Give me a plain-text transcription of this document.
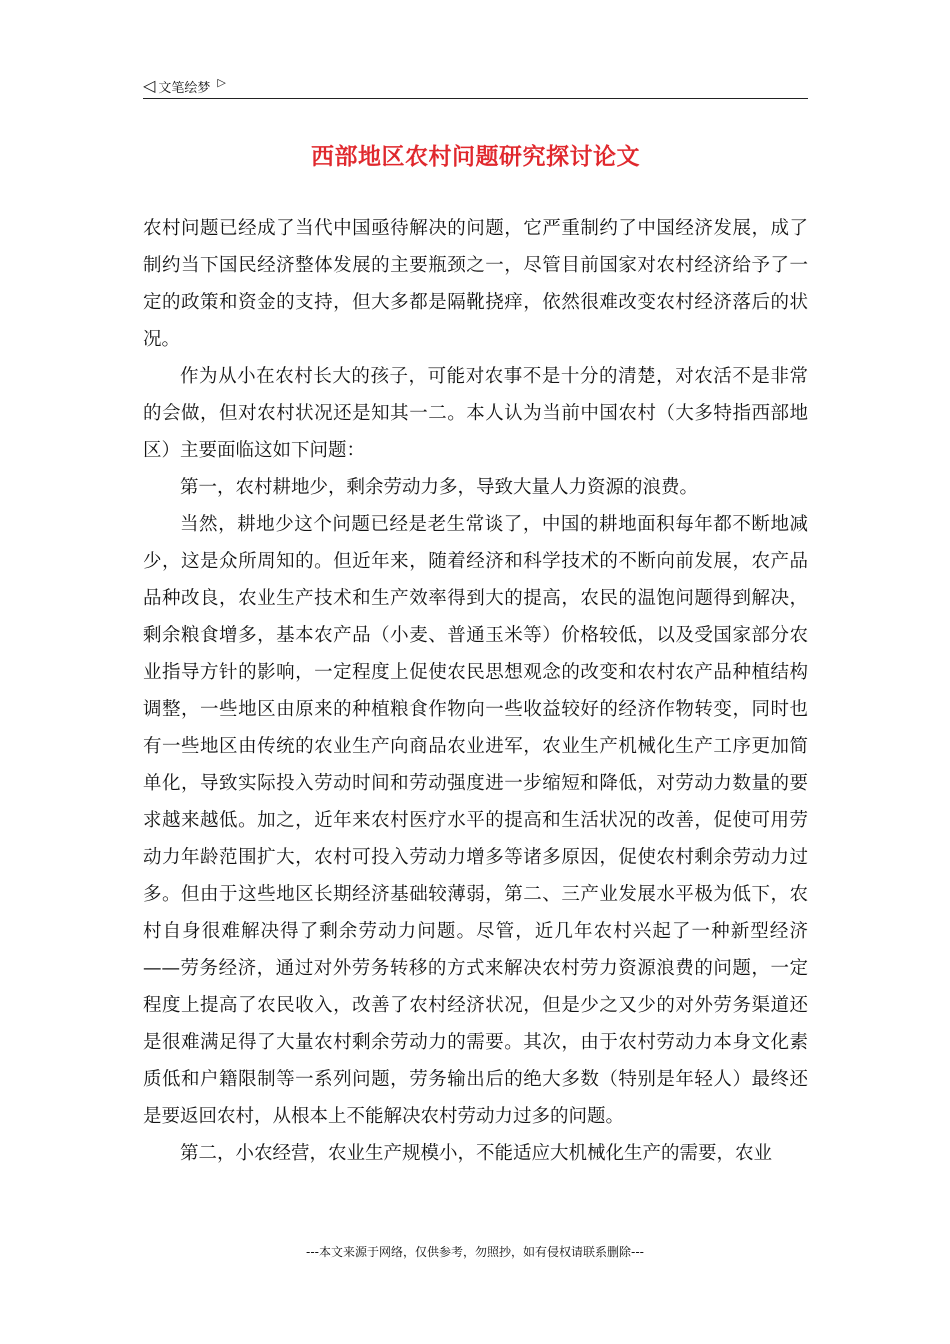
◁ 文笔绘梦 ▷
西部地区农村问题研究探讨论文

农村问题已经成了当代中国亟待解决的问题，它严重制约了中国经济发展，成了制约当下国民经济整体发展的主要瓶颈之一，尽管目前国家对农村经济给予了一定的政策和资金的支持，但大多都是隔靴挠痒，依然很难改变农村经济落后的状况。

作为从小在农村长大的孩子，可能对农事不是十分的清楚，对农活不是非常的会做，但对农村状况还是知其一二。本人认为当前中国农村（大多特指西部地区）主要面临这如下问题：

第一，农村耕地少，剩余劳动力多，导致大量人力资源的浪费。

当然，耕地少这个问题已经是老生常谈了，中国的耕地面积每年都不断地减少，这是众所周知的。但近年来，随着经济和科学技术的不断向前发展，农产品品种改良，农业生产技术和生产效率得到大的提高，农民的温饱问题得到解决，剩余粮食增多，基本农产品（小麦、普通玉米等）价格较低，以及受国家部分农业指导方针的影响，一定程度上促使农民思想观念的改变和农村农产品种植结构调整，一些地区由原来的种植粮食作物向一些收益较好的经济作物转变，同时也有一些地区由传统的农业生产向商品农业进军，农业生产机械化生产工序更加简单化，导致实际投入劳动时间和劳动强度进一步缩短和降低，对劳动力数量的要求越来越低。加之，近年来农村医疗水平的提高和生活状况的改善，促使可用劳动力年龄范围扩大，农村可投入劳动力增多等诸多原因，促使农村剩余劳动力过多。但由于这些地区长期经济基础较薄弱，第二、三产业发展水平极为低下，农村自身很难解决得了剩余劳动力问题。尽管，近几年农村兴起了一种新型经济——劳务经济，通过对外劳务转移的方式来解决农村劳力资源浪费的问题，一定程度上提高了农民收入，改善了农村经济状况，但是少之又少的对外劳务渠道还是很难满足得了大量农村剩余劳动力的需要。其次，由于农村劳动力本身文化素质低和户籍限制等一系列问题，劳务输出后的绝大多数（特别是年轻人）最终还是要返回农村，从根本上不能解决农村劳动力过多的问题。

第二，小农经营，农业生产规模小，不能适应大机械化生产的需要，农业

---本文来源于网络，仅供参考，勿照抄，如有侵权请联系删除---
